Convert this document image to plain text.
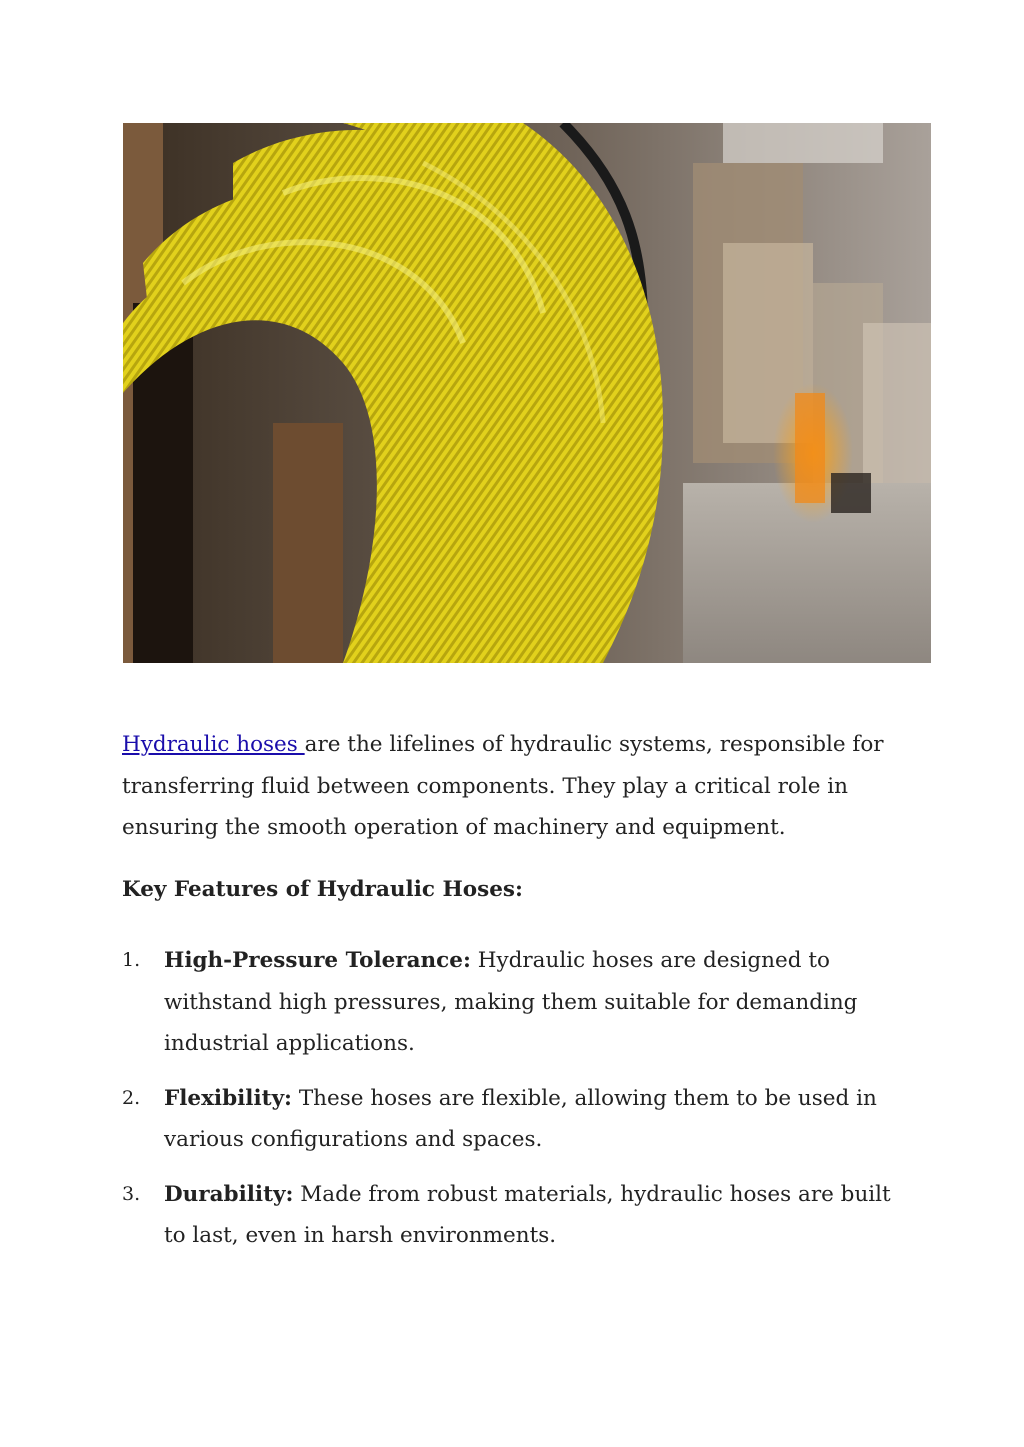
Hydraulic hoses are the lifelines of hydraulic systems, responsible for transferring fluid between components. They play a critical role in ensuring the smooth operation of machinery and equipment.

Key Features of Hydraulic Hoses:

1. High-Pressure Tolerance: Hydraulic hoses are designed to withstand high pressures, making them suitable for demanding industrial applications.
2. Flexibility: These hoses are flexible, allowing them to be used in various configurations and spaces.
3. Durability: Made from robust materials, hydraulic hoses are built to last, even in harsh environments.
